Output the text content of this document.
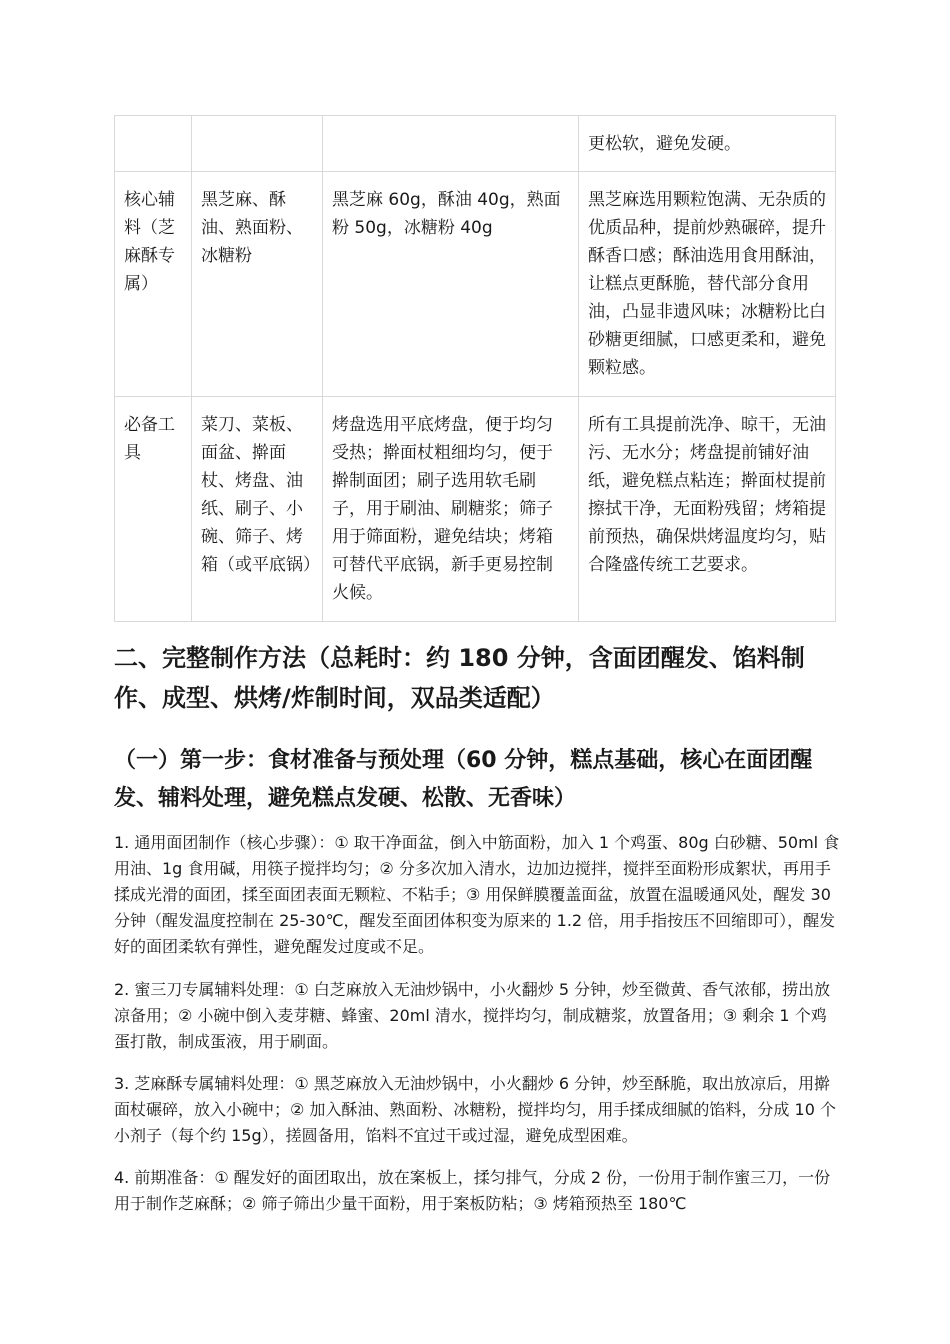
			更松软，避免发硬。
核心辅料（芝麻酥专属）	黑芝麻、酥油、熟面粉、冰糖粉	黑芝麻 60g，酥油 40g，熟面粉 50g，冰糖粉 40g	黑芝麻选用颗粒饱满、无杂质的优质品种，提前炒熟碾碎，提升酥香口感；酥油选用食用酥油，让糕点更酥脆，替代部分食用油，凸显非遗风味；冰糖粉比白砂糖更细腻，口感更柔和，避免颗粒感。
必备工具	菜刀、菜板、面盆、擀面杖、烤盘、油纸、刷子、小碗、筛子、烤箱（或平底锅）	烤盘选用平底烤盘，便于均匀受热；擀面杖粗细均匀，便于擀制面团；刷子选用软毛刷子，用于刷油、刷糖浆；筛子用于筛面粉，避免结块；烤箱可替代平底锅，新手更易控制火候。	所有工具提前洗净、晾干，无油污、无水分；烤盘提前铺好油纸，避免糕点粘连；擀面杖提前擦拭干净，无面粉残留；烤箱提前预热，确保烘烤温度均匀，贴合隆盛传统工艺要求。
二、完整制作方法（总耗时：约 180 分钟，含面团醒发、馅料制作、成型、烘烤/炸制时间，双品类适配）
（一）第一步：食材准备与预处理（60 分钟，糕点基础，核心在面团醒发、辅料处理，避免糕点发硬、松散、无香味）

1. 通用面团制作（核心步骤）：① 取干净面盆，倒入中筋面粉，加入 1 个鸡蛋、80g 白砂糖、50ml 食用油、1g 食用碱，用筷子搅拌均匀；② 分多次加入清水，边加边搅拌，搅拌至面粉形成絮状，再用手揉成光滑的面团，揉至面团表面无颗粒、不粘手；③ 用保鲜膜覆盖面盆，放置在温暖通风处，醒发 30 分钟（醒发温度控制在 25-30℃，醒发至面团体积变为原来的 1.2 倍，用手指按压不回缩即可），醒发好的面团柔软有弹性，避免醒发过度或不足。

2. 蜜三刀专属辅料处理：① 白芝麻放入无油炒锅中，小火翻炒 5 分钟，炒至微黄、香气浓郁，捞出放凉备用；② 小碗中倒入麦芽糖、蜂蜜、20ml 清水，搅拌均匀，制成糖浆，放置备用；③ 剩余 1 个鸡蛋打散，制成蛋液，用于刷面。

3. 芝麻酥专属辅料处理：① 黑芝麻放入无油炒锅中，小火翻炒 6 分钟，炒至酥脆，取出放凉后，用擀面杖碾碎，放入小碗中；② 加入酥油、熟面粉、冰糖粉，搅拌均匀，用手揉成细腻的馅料，分成 10 个小剂子（每个约 15g），搓圆备用，馅料不宜过干或过湿，避免成型困难。

4. 前期准备：① 醒发好的面团取出，放在案板上，揉匀排气，分成 2 份，一份用于制作蜜三刀，一份用于制作芝麻酥；② 筛子筛出少量干面粉，用于案板防粘；③ 烤箱预热至 180℃
